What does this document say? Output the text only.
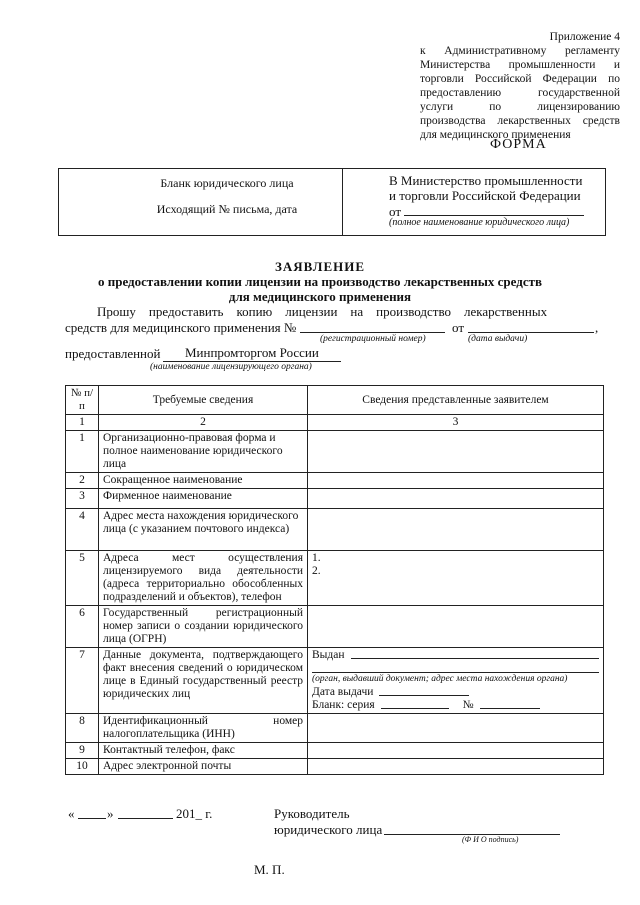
Приложение 4
к Административному регламенту
Министерства промышленности и
торговли Российской Федерации по
предоставлению государственной
услуги по лицензированию
производства лекарственных средств
для медицинского применения
ФОРМА
Бланк юридического лица
Исходящий № письма, дата
В Министерство промышленности
и торговли Российской Федерации
от
(полное наименование юридического лица)
ЗАЯВЛЕНИЕ
о предоставлении копии лицензии на производство лекарственных средств
для медицинского применения
Прошу    предоставить    копию    лицензии    на    производство    лекарственных
средств для медицинского применения №	от	,
(регистрационный номер)	(дата выдачи)
предоставленной	Минпромторгом России
(наименование лицензирующего органа)
№ п/п	Требуемые сведения	Сведения представленные заявителем
1	2	3
1	Организационно-правовая форма и полное наименование юридического лица	
2	Сокращенное наименование	
3	Фирменное наименование	
4	Адрес места нахождения юридического лица (с указанием почтового индекса)	
5	Адреса мест осуществления лицензируемого вида деятельности (адреса территориально обособленных подразделений и объектов), телефон	1.
2.

6	Государственный регистрационный номер записи о создании юридического лица (ОГРН)	
7	Данные документа, подтверждающего факт внесения сведений о юридическом лице в Единый государственный реестр юридических лиц	Выдан
(орган, выдавший документ; адрес места нахождения органа)
Дата выдачи
Бланк: серия №

8	Идентификационный номер налогоплательщика (ИНН)	
9	Контактный телефон, факс	
10	Адрес электронной почты	
«	»	201_ г.	Руководитель
юридического лица
(Ф И О подпись)
М. П.
